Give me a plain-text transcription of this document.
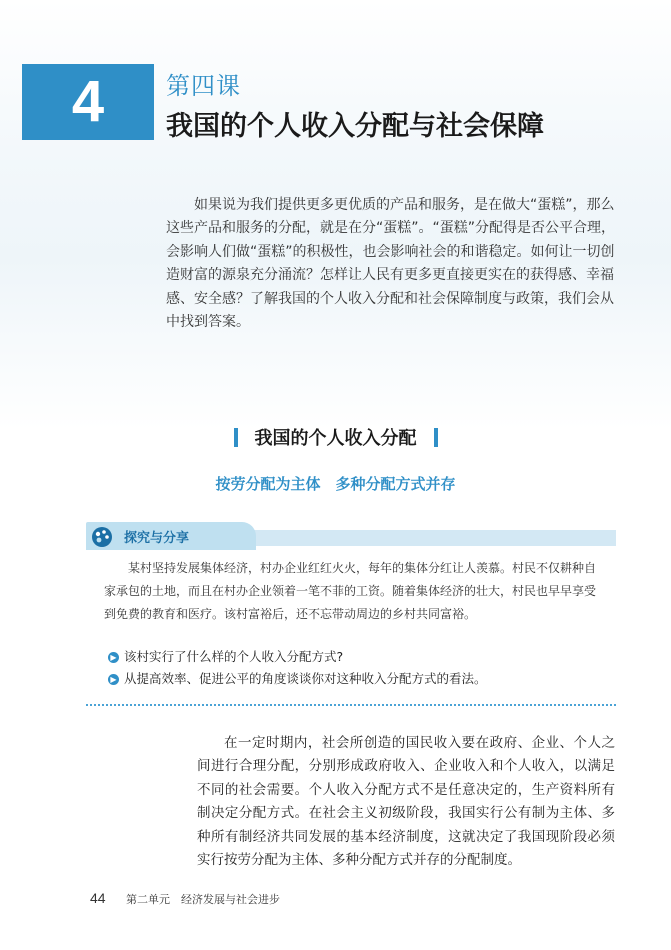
4	第四课
我国的个人收入分配与社会保障

如果说为我们提供更多更优质的产品和服务，是在做大“蛋糕”，那么这些产品和服务的分配，就是在分“蛋糕”。“蛋糕”分配得是否公平合理，会影响人们做“蛋糕”的积极性，也会影响社会的和谐稳定。如何让一切创造财富的源泉充分涌流？怎样让人民有更多更直接更实在的获得感、幸福感、安全感？了解我国的个人收入分配和社会保障制度与政策，我们会从中找到答案。

我国的个人收入分配
按劳分配为主体　多种分配方式并存
探究与分享

某村坚持发展集体经济，村办企业红红火火，每年的集体分红让人羡慕。村民不仅耕种自家承包的土地，而且在村办企业领着一笔不菲的工资。随着集体经济的壮大，村民也早早享受到免费的教育和医疗。该村富裕后，还不忘带动周边的乡村共同富裕。

▶ 该村实行了什么样的个人收入分配方式?
▶ 从提高效率、促进公平的角度谈谈你对这种收入分配方式的看法。

在一定时期内，社会所创造的国民收入要在政府、企业、个人之间进行合理分配，分别形成政府收入、企业收入和个人收入，以满足不同的社会需要。个人收入分配方式不是任意决定的，生产资料所有制决定分配方式。在社会主义初级阶段，我国实行公有制为主体、多种所有制经济共同发展的基本经济制度，这就决定了我国现阶段必须实行按劳分配为主体、多种分配方式并存的分配制度。

44 第二单元　经济发展与社会进步
